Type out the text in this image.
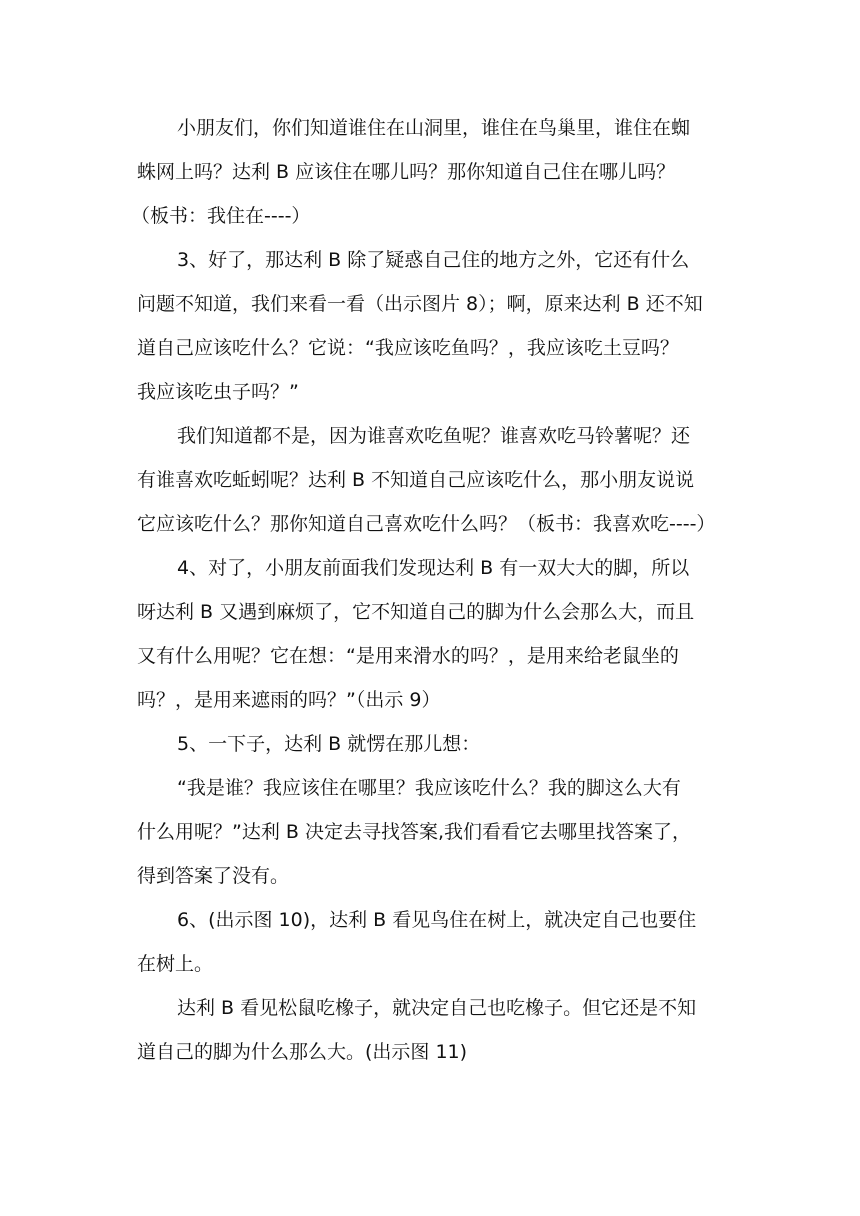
小朋友们，你们知道谁住在山洞里，谁住在鸟巢里，谁住在蜘
蛛网上吗？达利 B 应该住在哪儿吗？那你知道自己住在哪儿吗？
（板书：我住在----）
3、好了，那达利 B 除了疑惑自己住的地方之外，它还有什么
问题不知道，我们来看一看（出示图片 8）；啊，原来达利 B 还不知
道自己应该吃什么？它说：“我应该吃鱼吗？，我应该吃土豆吗？
我应该吃虫子吗？”
我们知道都不是，因为谁喜欢吃鱼呢？谁喜欢吃马铃薯呢？还
有谁喜欢吃蚯蚓呢？达利 B 不知道自己应该吃什么，那小朋友说说
它应该吃什么？那你知道自己喜欢吃什么吗？（板书：我喜欢吃----）
4、对了，小朋友前面我们发现达利 B 有一双大大的脚，所以
呀达利 B 又遇到麻烦了，它不知道自己的脚为什么会那么大，而且
又有什么用呢？它在想：“是用来滑水的吗？，是用来给老鼠坐的
吗？，是用来遮雨的吗？”（出示 9）
5、一下子，达利 B 就愣在那儿想：
“我是谁？我应该住在哪里？我应该吃什么？我的脚这么大有
什么用呢？”达利 B 决定去寻找答案,我们看看它去哪里找答案了，
得到答案了没有。
6、(出示图 10)，达利 B 看见鸟住在树上，就决定自己也要住
在树上。
达利 B 看见松鼠吃橡子，就决定自己也吃橡子。但它还是不知
道自己的脚为什么那么大。(出示图 11)
